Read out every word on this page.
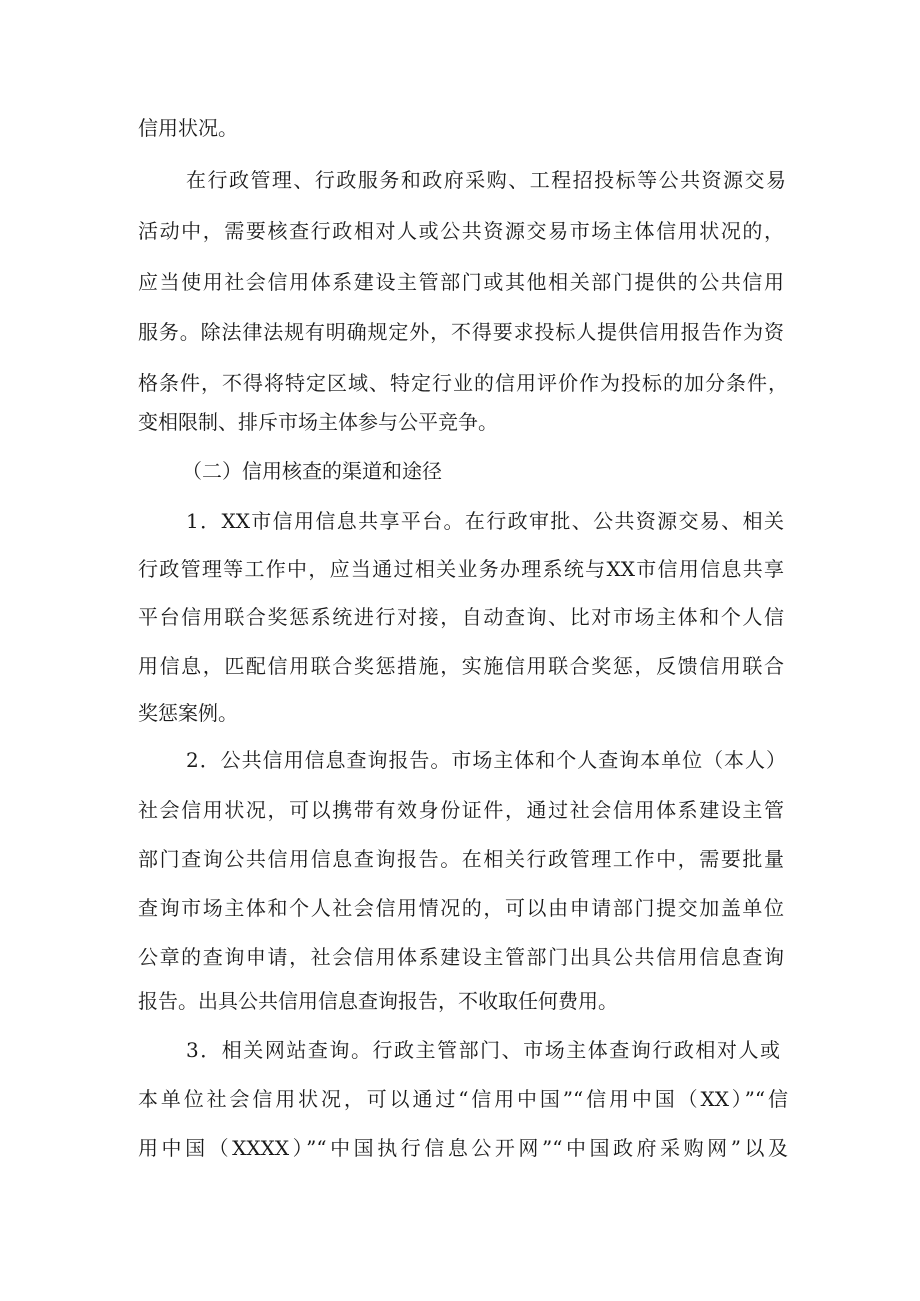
信用状况。

在行政管理、行政服务和政府采购、工程招投标等公共资源交易

活动中，需要核查行政相对人或公共资源交易市场主体信用状况的，

应当使用社会信用体系建设主管部门或其他相关部门提供的公共信用

服务。除法律法规有明确规定外，不得要求投标人提供信用报告作为资

格条件，不得将特定区域、特定行业的信用评价作为投标的加分条件，

变相限制、排斥市场主体参与公平竞争。

（二）信用核查的渠道和途径

1．XX市信用信息共享平台。在行政审批、公共资源交易、相关

行政管理等工作中，应当通过相关业务办理系统与XX市信用信息共享

平台信用联合奖惩系统进行对接，自动查询、比对市场主体和个人信

用信息，匹配信用联合奖惩措施，实施信用联合奖惩，反馈信用联合

奖惩案例。

2．公共信用信息查询报告。市场主体和个人查询本单位（本人）

社会信用状况，可以携带有效身份证件，通过社会信用体系建设主管

部门查询公共信用信息查询报告。在相关行政管理工作中，需要批量

查询市场主体和个人社会信用情况的，可以由申请部门提交加盖单位

公章的查询申请，社会信用体系建设主管部门出具公共信用信息查询

报告。出具公共信用信息查询报告，不收取任何费用。

3．相关网站查询。行政主管部门、市场主体查询行政相对人或

本单位社会信用状况，可以通过“信用中国”“信用中国（XX）”“信

用中国（XXXX）”“中国执行信息公开网”“中国政府采购网”以及
